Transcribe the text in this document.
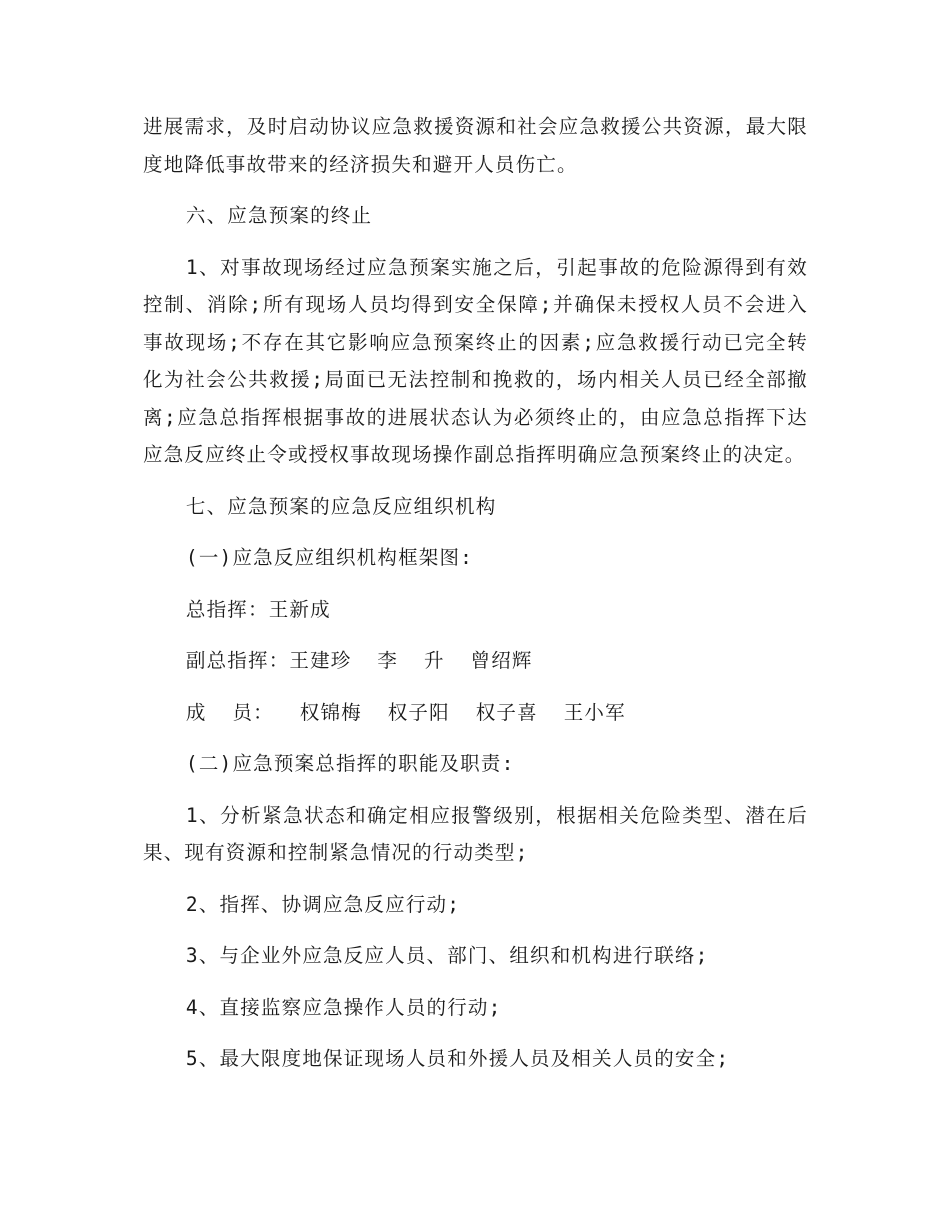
进展需求，及时启动协议应急救援资源和社会应急救援公共资源，最大限度地降低事故带来的经济损失和避开人员伤亡。

六、应急预案的终止

1、对事故现场经过应急预案实施之后，引起事故的危险源得到有效控制、消除;所有现场人员均得到安全保障;并确保未授权人员不会进入事故现场;不存在其它影响应急预案终止的因素;应急救援行动已完全转化为社会公共救援;局面已无法控制和挽救的，场内相关人员已经全部撤离;应急总指挥根据事故的进展状态认为必须终止的，由应急总指挥下达应急反应终止令或授权事故现场操作副总指挥明确应急预案终止的决定。

七、应急预案的应急反应组织机构

(一)应急反应组织机构框架图:

总指挥：王新成

副总指挥：王建珍  李  升  曾绍辉

成  员：  权锦梅  权子阳  权子喜  王小军

(二)应急预案总指挥的职能及职责:

1、分析紧急状态和确定相应报警级别，根据相关危险类型、潜在后果、现有资源和控制紧急情况的行动类型;

2、指挥、协调应急反应行动;

3、与企业外应急反应人员、部门、组织和机构进行联络;

4、直接监察应急操作人员的行动;

5、最大限度地保证现场人员和外援人员及相关人员的安全;
